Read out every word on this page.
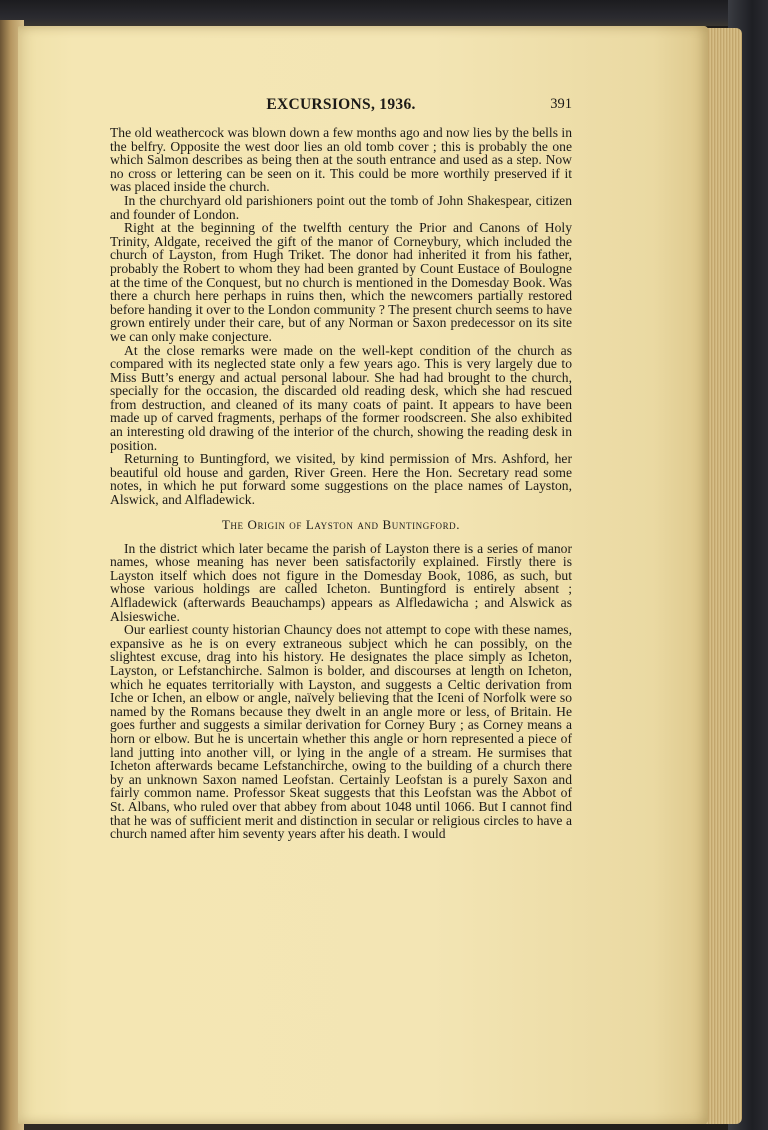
EXCURSIONS, 1936.	391

The old weathercock was blown down a few months ago and now lies by the bells in the belfry. Opposite the west door lies an old tomb cover ; this is probably the one which Salmon describes as being then at the south entrance and used as a step. Now no cross or lettering can be seen on it. This could be more worthily preserved if it was placed inside the church.

In the churchyard old parishioners point out the tomb of John Shakespear, citizen and founder of London.

Right at the beginning of the twelfth century the Prior and Canons of Holy Trinity, Aldgate, received the gift of the manor of Corneybury, which included the church of Layston, from Hugh Triket. The donor had inherited it from his father, probably the Robert to whom they had been granted by Count Eustace of Boulogne at the time of the Conquest, but no church is mentioned in the Domesday Book. Was there a church here perhaps in ruins then, which the newcomers partially restored before handing it over to the London community ? The present church seems to have grown entirely under their care, but of any Norman or Saxon predecessor on its site we can only make conjecture.

At the close remarks were made on the well-kept condition of the church as compared with its neglected state only a few years ago. This is very largely due to Miss Butt’s energy and actual personal labour. She had had brought to the church, specially for the occasion, the discarded old reading desk, which she had rescued from destruction, and cleaned of its many coats of paint. It appears to have been made up of carved fragments, perhaps of the former roodscreen. She also exhibited an interesting old drawing of the interior of the church, showing the reading desk in position.

Returning to Buntingford, we visited, by kind permission of Mrs. Ashford, her beautiful old house and garden, River Green. Here the Hon. Secretary read some notes, in which he put forward some suggestions on the place names of Layston, Alswick, and Alfladewick.

The Origin of Layston and Buntingford.

In the district which later became the parish of Layston there is a series of manor names, whose meaning has never been satisfactorily explained. Firstly there is Layston itself which does not figure in the Domesday Book, 1086, as such, but whose various holdings are called Icheton. Buntingford is entirely absent ; Alfladewick (afterwards Beauchamps) appears as Alfledawicha ; and Alswick as Alsieswiche.

Our earliest county historian Chauncy does not attempt to cope with these names, expansive as he is on every extraneous subject which he can possibly, on the slightest excuse, drag into his history. He designates the place simply as Icheton, Layston, or Lefstanchirche. Salmon is bolder, and discourses at length on Icheton, which he equates territorially with Layston, and suggests a Celtic derivation from Iche or Ichen, an elbow or angle, naïvely believing that the Iceni of Norfolk were so named by the Romans because they dwelt in an angle more or less, of Britain. He goes further and suggests a similar derivation for Corney Bury ; as Corney means a horn or elbow. But he is uncertain whether this angle or horn represented a piece of land jutting into another vill, or lying in the angle of a stream. He surmises that Icheton afterwards became Lefstanchirche, owing to the building of a church there by an unknown Saxon named Leofstan. Certainly Leofstan is a purely Saxon and fairly common name. Professor Skeat suggests that this Leofstan was the Abbot of St. Albans, who ruled over that abbey from about 1048 until 1066. But I cannot find that he was of sufficient merit and distinction in secular or religious circles to have a church named after him seventy years after his death. I would
